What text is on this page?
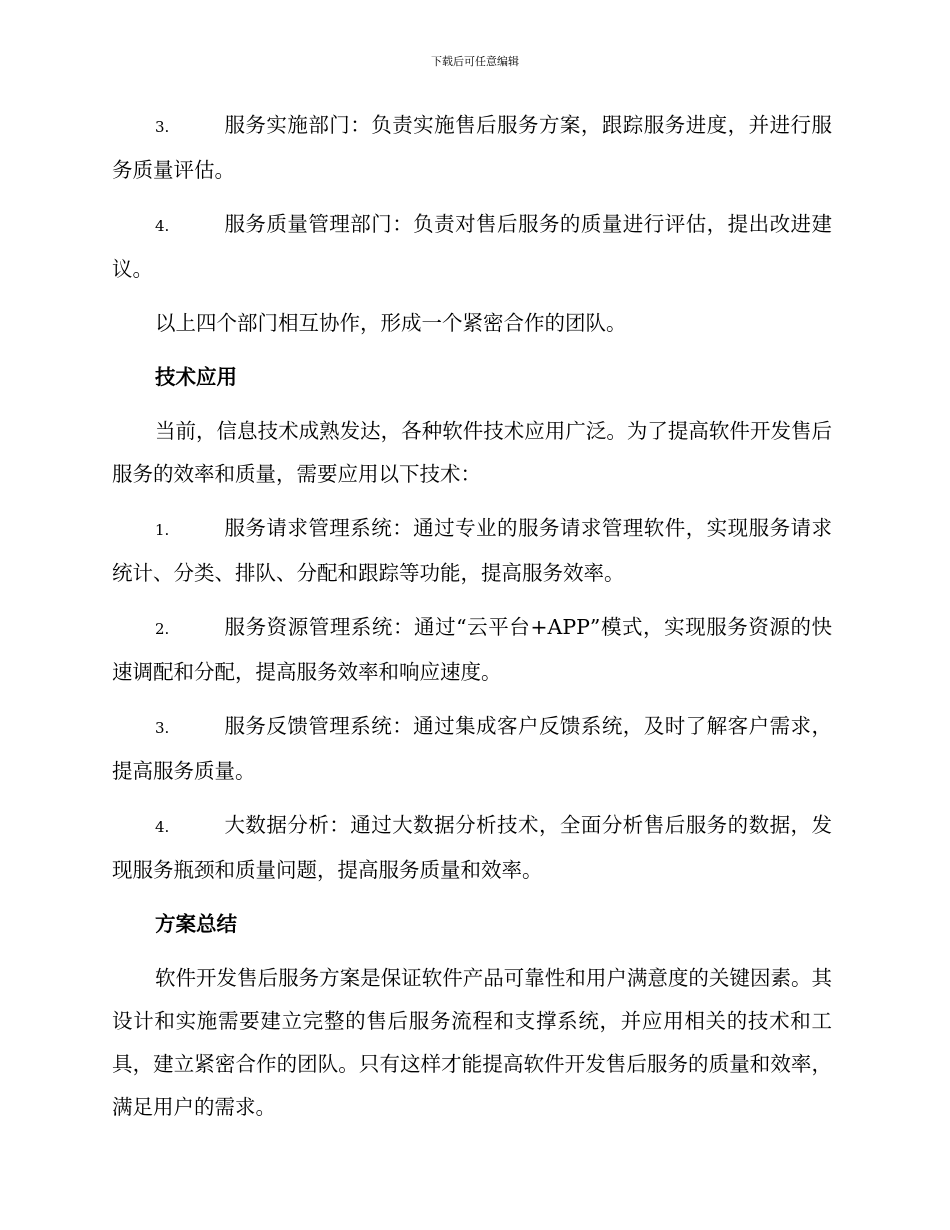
下载后可任意编辑

3.	服务实施部门：负责实施售后服务方案，跟踪服务进度，并进行服务质量评估。

4.	服务质量管理部门：负责对售后服务的质量进行评估，提出改进建议。

以上四个部门相互协作，形成一个紧密合作的团队。

技术应用

当前，信息技术成熟发达，各种软件技术应用广泛。为了提高软件开发售后服务的效率和质量，需要应用以下技术：

1.	服务请求管理系统：通过专业的服务请求管理软件，实现服务请求统计、分类、排队、分配和跟踪等功能，提高服务效率。

2.	服务资源管理系统：通过“云平台+APP”模式，实现服务资源的快速调配和分配，提高服务效率和响应速度。

3.	服务反馈管理系统：通过集成客户反馈系统，及时了解客户需求，提高服务质量。

4.	大数据分析：通过大数据分析技术，全面分析售后服务的数据，发现服务瓶颈和质量问题，提高服务质量和效率。

方案总结

软件开发售后服务方案是保证软件产品可靠性和用户满意度的关键因素。其设计和实施需要建立完整的售后服务流程和支撑系统，并应用相关的技术和工具，建立紧密合作的团队。只有这样才能提高软件开发售后服务的质量和效率，满足用户的需求。
